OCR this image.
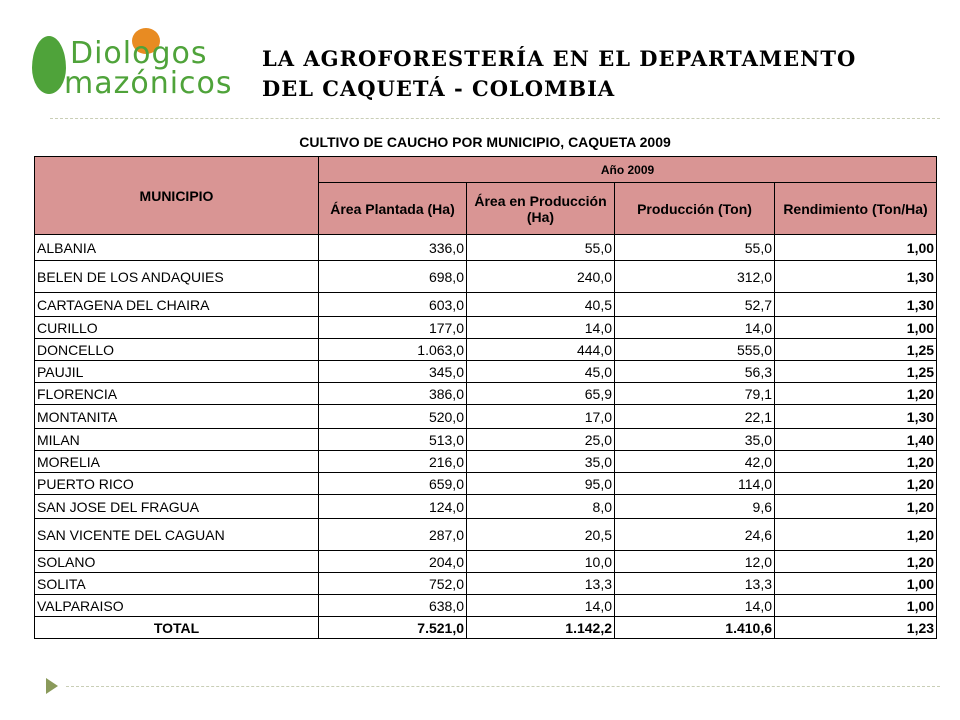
Diologos
mazónicos
LA AGROFORESTERÍA EN EL DEPARTAMENTO
DEL CAQUETÁ - COLOMBIA
CULTIVO DE CAUCHO POR MUNICIPIO, CAQUETA 2009
MUNICIPIO	Año 2009			
	Área Plantada (Ha)	Área en Producción (Ha)	Producción (Ton)	Rendimiento (Ton/Ha)
ALBANIA	336,0	55,0	55,0	1,00
BELEN DE LOS ANDAQUIES	698,0	240,0	312,0	1,30
CARTAGENA DEL CHAIRA	603,0	40,5	52,7	1,30
CURILLO	177,0	14,0	14,0	1,00
DONCELLO	1.063,0	444,0	555,0	1,25
PAUJIL	345,0	45,0	56,3	1,25
FLORENCIA	386,0	65,9	79,1	1,20
MONTANITA	520,0	17,0	22,1	1,30
MILAN	513,0	25,0	35,0	1,40
MORELIA	216,0	35,0	42,0	1,20
PUERTO RICO	659,0	95,0	114,0	1,20
SAN JOSE DEL FRAGUA	124,0	8,0	9,6	1,20
SAN VICENTE DEL CAGUAN	287,0	20,5	24,6	1,20
SOLANO	204,0	10,0	12,0	1,20
SOLITA	752,0	13,3	13,3	1,00
VALPARAISO	638,0	14,0	14,0	1,00
TOTAL	7.521,0	1.142,2	1.410,6	1,23
